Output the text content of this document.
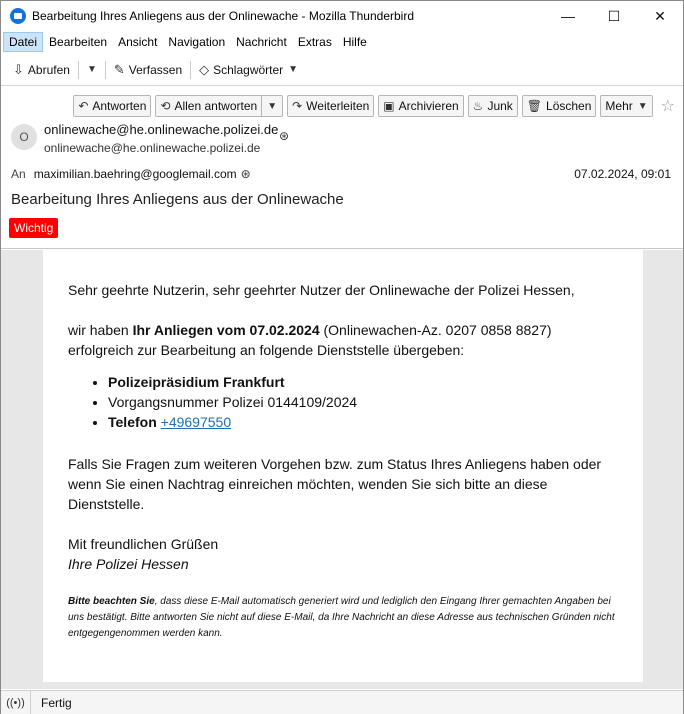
Bearbeitung Ihres Anliegens aus der Onlinewache - Mozilla Thunderbird	—	☐	✕
Datei	Bearbeiten Ansicht Navigation Nachricht Extras Hilfe
⇩ Abrufen ▼ ✎ Verfassen ◇ Schlagwörter ▼
↶ Antworten ⟲ Allen antworten ▼ ↷ Weiterleiten ▣ Archivieren ♨ Junk 🗑 Löschen Mehr ▼ ☆
O	onlinewache@he.onlinewache.polizei.de
onlinewache@he.onlinewache.polizei.de
⊛
An maximilian.baehring@googlemail.com ⊛	07.02.2024, 09:01
Bearbeitung Ihres Anliegens aus der Onlinewache
Wichtig

Sehr geehrte Nutzerin, sehr geehrter Nutzer der Onlinewache der Polizei Hessen,

wir haben Ihr Anliegen vom 07.02.2024 (Onlinewachen-Az. 0207 0858 8827) erfolgreich zur Bearbeitung an folgende Dienststelle übergeben:

• Polizeipräsidium Frankfurt
• Vorgangsnummer Polizei 0144109/2024
• Telefon +49697550

Falls Sie Fragen zum weiteren Vorgehen bzw. zum Status Ihres Anliegens haben oder wenn Sie einen Nachtrag einreichen möchten, wenden Sie sich bitte an diese Dienststelle.

Mit freundlichen Grüßen
Ihre Polizei Hessen

Bitte beachten Sie, dass diese E-Mail automatisch generiert wird und lediglich den Eingang Ihrer gemachten Angaben bei uns bestätigt. Bitte antworten Sie nicht auf diese E-Mail, da Ihre Nachricht an diese Adresse aus technischen Gründen nicht entgegengenommen werden kann.
((•))	Fertig
